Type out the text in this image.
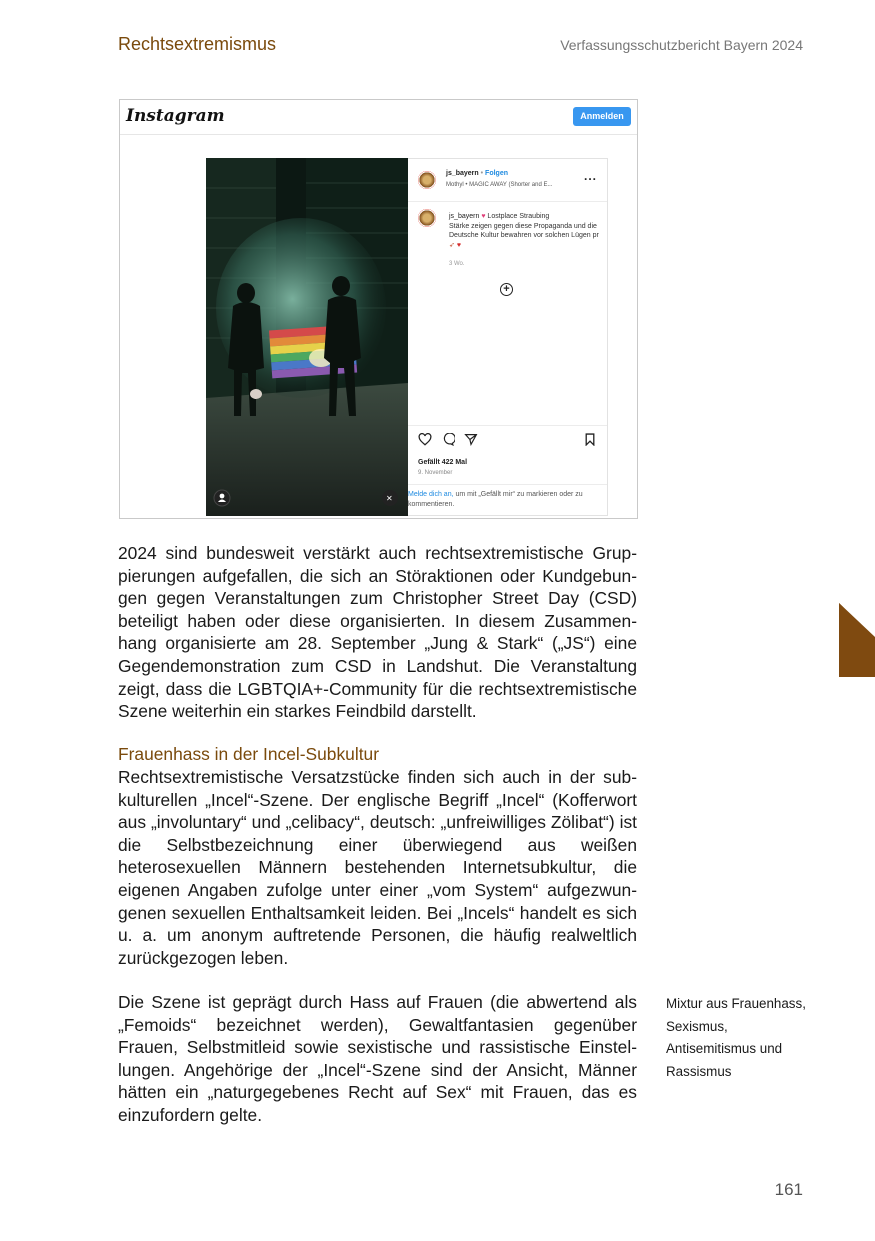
Rechtsextremismus	Verfassungsschutzbericht Bayern 2024
Instagram	Anmelden
✕
js_bayern • Folgen
Mothyl • MAGIC AWAY (Shorter and E...
...
js_bayern ♥ Lostplace Straubing
Stärke zeigen gegen diese Propaganda und die Deutsche Kultur bewahren vor solchen Lügen pr ➶ ♥
3 Wo.
+
Gefällt 422 Mal
9. November
Melde dich an, um mit „Gefällt mir“ zu markieren oder zu kommentieren.

2024 sind bundesweit verstärkt auch rechtsextremistische Gruppierungen aufgefallen, die sich an Störaktionen oder Kundgebungen gegen Veranstaltungen zum Christopher Street Day (CSD) beteiligt haben oder diese organisierten. In diesem Zusammenhang organisierte am 28. September „Jung & Stark“ („JS“) eine Gegendemonstration zum CSD in Landshut. Die Veranstaltung zeigt, dass die LGBTQIA+-Community für die rechtsextremistische Szene weiterhin ein starkes Feindbild darstellt.

Frauenhass in der Incel-Subkultur

Rechtsextremistische Versatzstücke finden sich auch in der subkulturellen „Incel“-Szene. Der englische Begriff „Incel“ (Kofferwort aus „involuntary“ und „celibacy“, deutsch: „unfreiwilliges Zölibat“) ist die Selbstbezeichnung einer überwiegend aus weißen heterosexuellen Männern bestehenden Internetsubkultur, die eigenen Angaben zufolge unter einer „vom System“ aufgezwungenen sexuellen Enthaltsamkeit leiden. Bei „Incels“ handelt es sich u. a. um anonym auftretende Personen, die häufig realweltlich zurückgezogen leben.

Die Szene ist geprägt durch Hass auf Frauen (die abwertend als „Femoids“ bezeichnet werden), Gewaltfantasien gegenüber Frauen, Selbstmitleid sowie sexistische und rassistische Einstellungen. Angehörige der „Incel“-Szene sind der Ansicht, Männer hätten ein „naturgegebenes Recht auf Sex“ mit Frauen, das es einzufordern gelte.

Mixtur aus Frauenhass, Sexismus, Antisemitismus und Rassismus
161
